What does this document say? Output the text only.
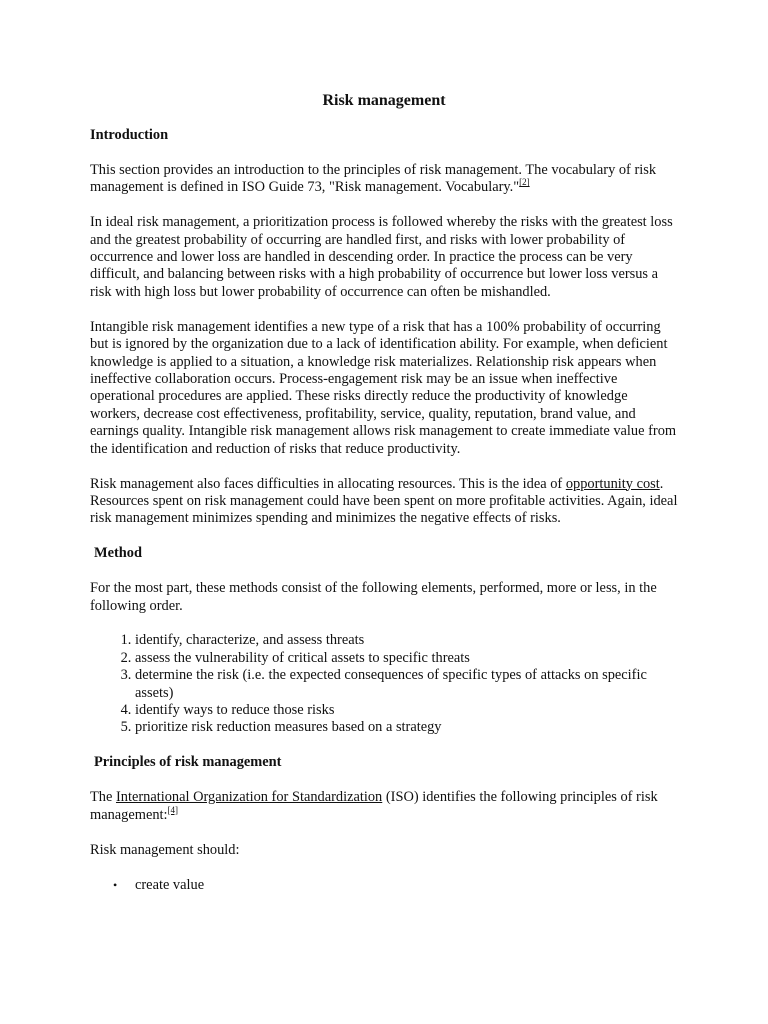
Risk management
Introduction

This section provides an introduction to the principles of risk management. The vocabulary of risk management is defined in ISO Guide 73, "Risk management. Vocabulary."[2]

In ideal risk management, a prioritization process is followed whereby the risks with the greatest loss and the greatest probability of occurring are handled first, and risks with lower probability of occurrence and lower loss are handled in descending order. In practice the process can be very difficult, and balancing between risks with a high probability of occurrence but lower loss versus a risk with high loss but lower probability of occurrence can often be mishandled.

Intangible risk management identifies a new type of a risk that has a 100% probability of occurring but is ignored by the organization due to a lack of identification ability. For example, when deficient knowledge is applied to a situation, a knowledge risk materializes. Relationship risk appears when ineffective collaboration occurs. Process-engagement risk may be an issue when ineffective operational procedures are applied. These risks directly reduce the productivity of knowledge workers, decrease cost effectiveness, profitability, service, quality, reputation, brand value, and earnings quality. Intangible risk management allows risk management to create immediate value from the identification and reduction of risks that reduce productivity.

Risk management also faces difficulties in allocating resources. This is the idea of opportunity cost. Resources spent on risk management could have been spent on more profitable activities. Again, ideal risk management minimizes spending and minimizes the negative effects of risks.

Method

For the most part, these methods consist of the following elements, performed, more or less, in the following order.

1. identify, characterize, and assess threats
2. assess the vulnerability of critical assets to specific threats
3. determine the risk (i.e. the expected consequences of specific types of attacks on specific assets)
4. identify ways to reduce those risks
5. prioritize risk reduction measures based on a strategy
Principles of risk management

The International Organization for Standardization (ISO) identifies the following principles of risk management:[4]

Risk management should:

• create value
